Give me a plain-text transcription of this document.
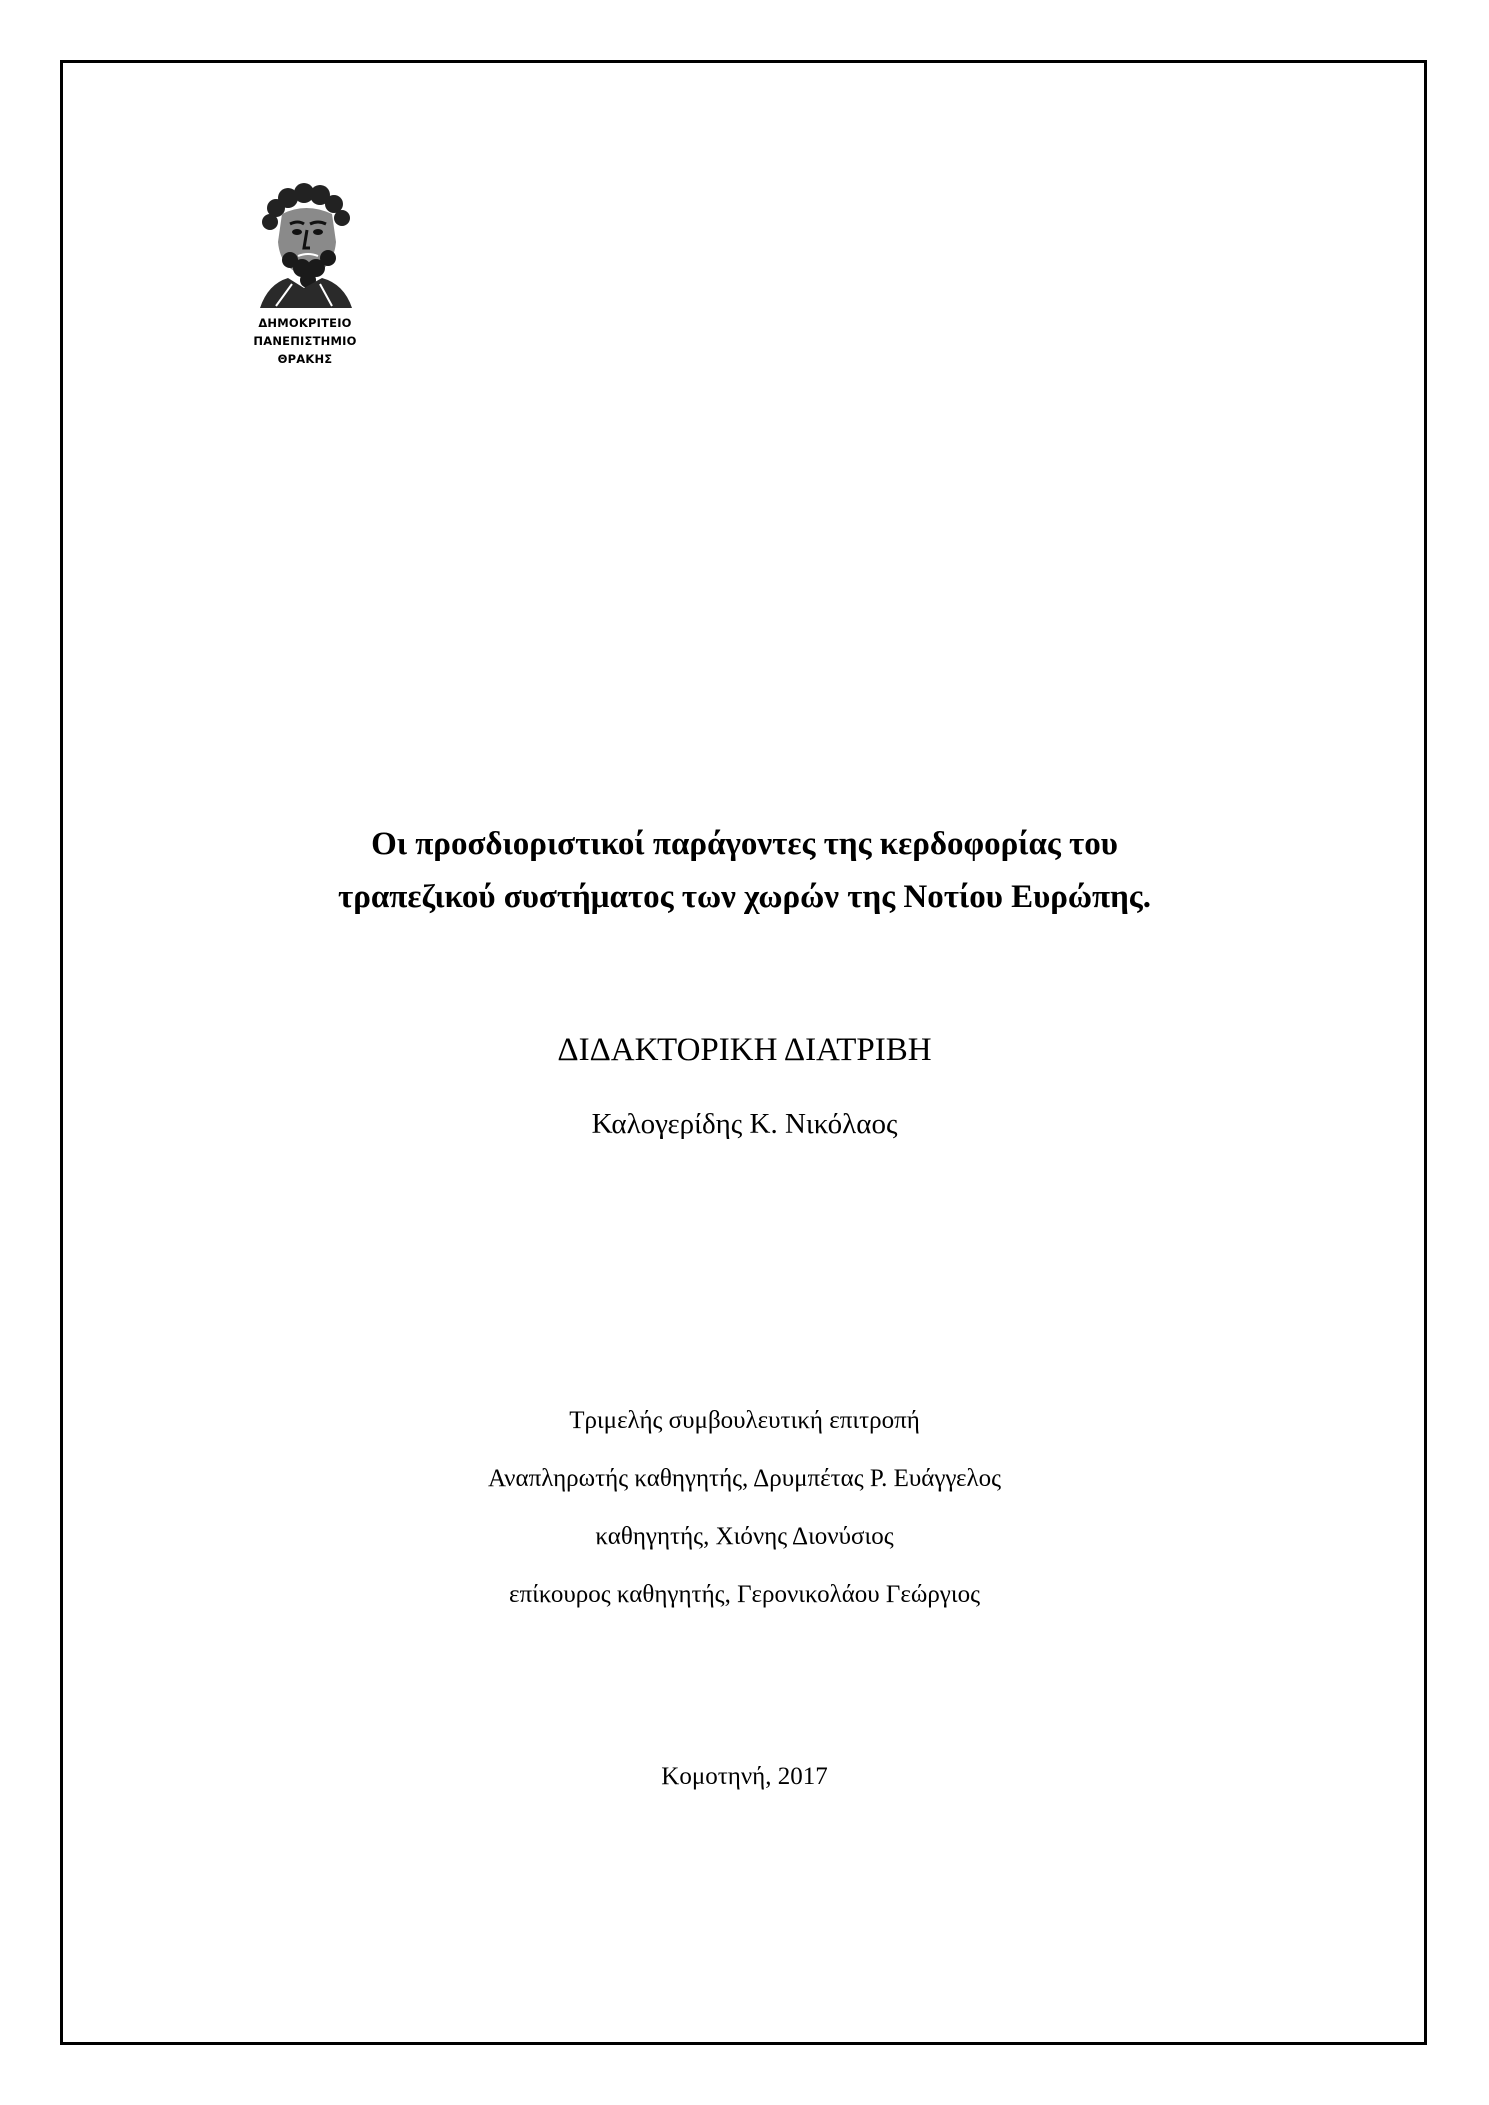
ΔΗΜΟΚΡΙΤΕΙΟ
ΠΑΝΕΠΙΣΤΗΜΙΟ
ΘΡΑΚΗΣ
Οι προσδιοριστικοί παράγοντες της κερδοφορίας του
τραπεζικού συστήματος των χωρών της Νοτίου Ευρώπης.
ΔΙΔΑΚΤΟΡΙΚΗ ΔΙΑΤΡΙΒΗ
Καλογερίδης Κ. Νικόλαος
Τριμελής συμβουλευτική επιτροπή
Αναπληρωτής καθηγητής, Δρυμπέτας Ρ. Ευάγγελος
καθηγητής, Χιόνης Διονύσιος
επίκουρος καθηγητής, Γερονικολάου Γεώργιος
Κομοτηνή, 2017
